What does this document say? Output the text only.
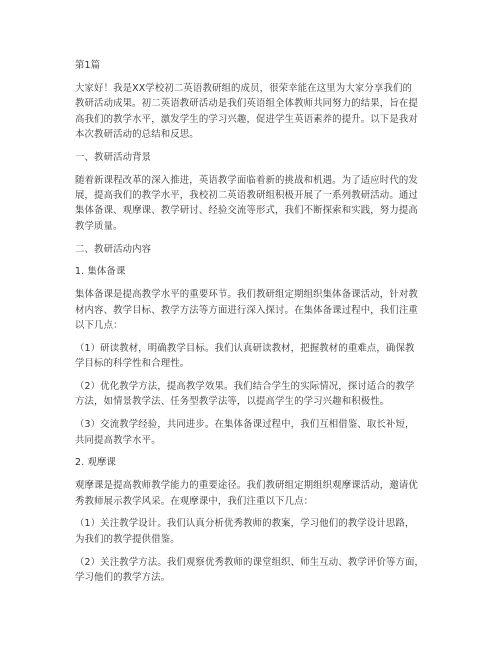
第1篇

大家好！我是XX学校初二英语教研组的成员，很荣幸能在这里为大家分享我们的
教研活动成果。初二英语教研活动是我们英语组全体教师共同努力的结果，旨在提
高我们的教学水平，激发学生的学习兴趣，促进学生英语素养的提升。以下是我对
本次教研活动的总结和反思。

一、教研活动背景

随着新课程改革的深入推进，英语教学面临着新的挑战和机遇。为了适应时代的发
展，提高我们的教学水平，我校初二英语教研组积极开展了一系列教研活动。通过
集体备课、观摩课、教学研讨、经验交流等形式，我们不断探索和实践，努力提高
教学质量。

二、教研活动内容

1. 集体备课

集体备课是提高教学水平的重要环节。我们教研组定期组织集体备课活动，针对教
材内容、教学目标、教学方法等方面进行深入探讨。在集体备课过程中，我们注重
以下几点：

（1）研读教材，明确教学目标。我们认真研读教材，把握教材的重难点，确保教
学目标的科学性和合理性。

（2）优化教学方法，提高教学效果。我们结合学生的实际情况，探讨适合的教学
方法，如情景教学法、任务型教学法等，以提高学生的学习兴趣和积极性。

（3）交流教学经验，共同进步。在集体备课过程中，我们互相借鉴、取长补短，
共同提高教学水平。

2. 观摩课

观摩课是提高教师教学能力的重要途径。我们教研组定期组织观摩课活动，邀请优
秀教师展示教学风采。在观摩课中，我们注重以下几点：

（1）关注教学设计。我们认真分析优秀教师的教案，学习他们的教学设计思路，
为我们的教学提供借鉴。

（2）关注教学方法。我们观察优秀教师的课堂组织、师生互动、教学评价等方面，
学习他们的教学方法。
